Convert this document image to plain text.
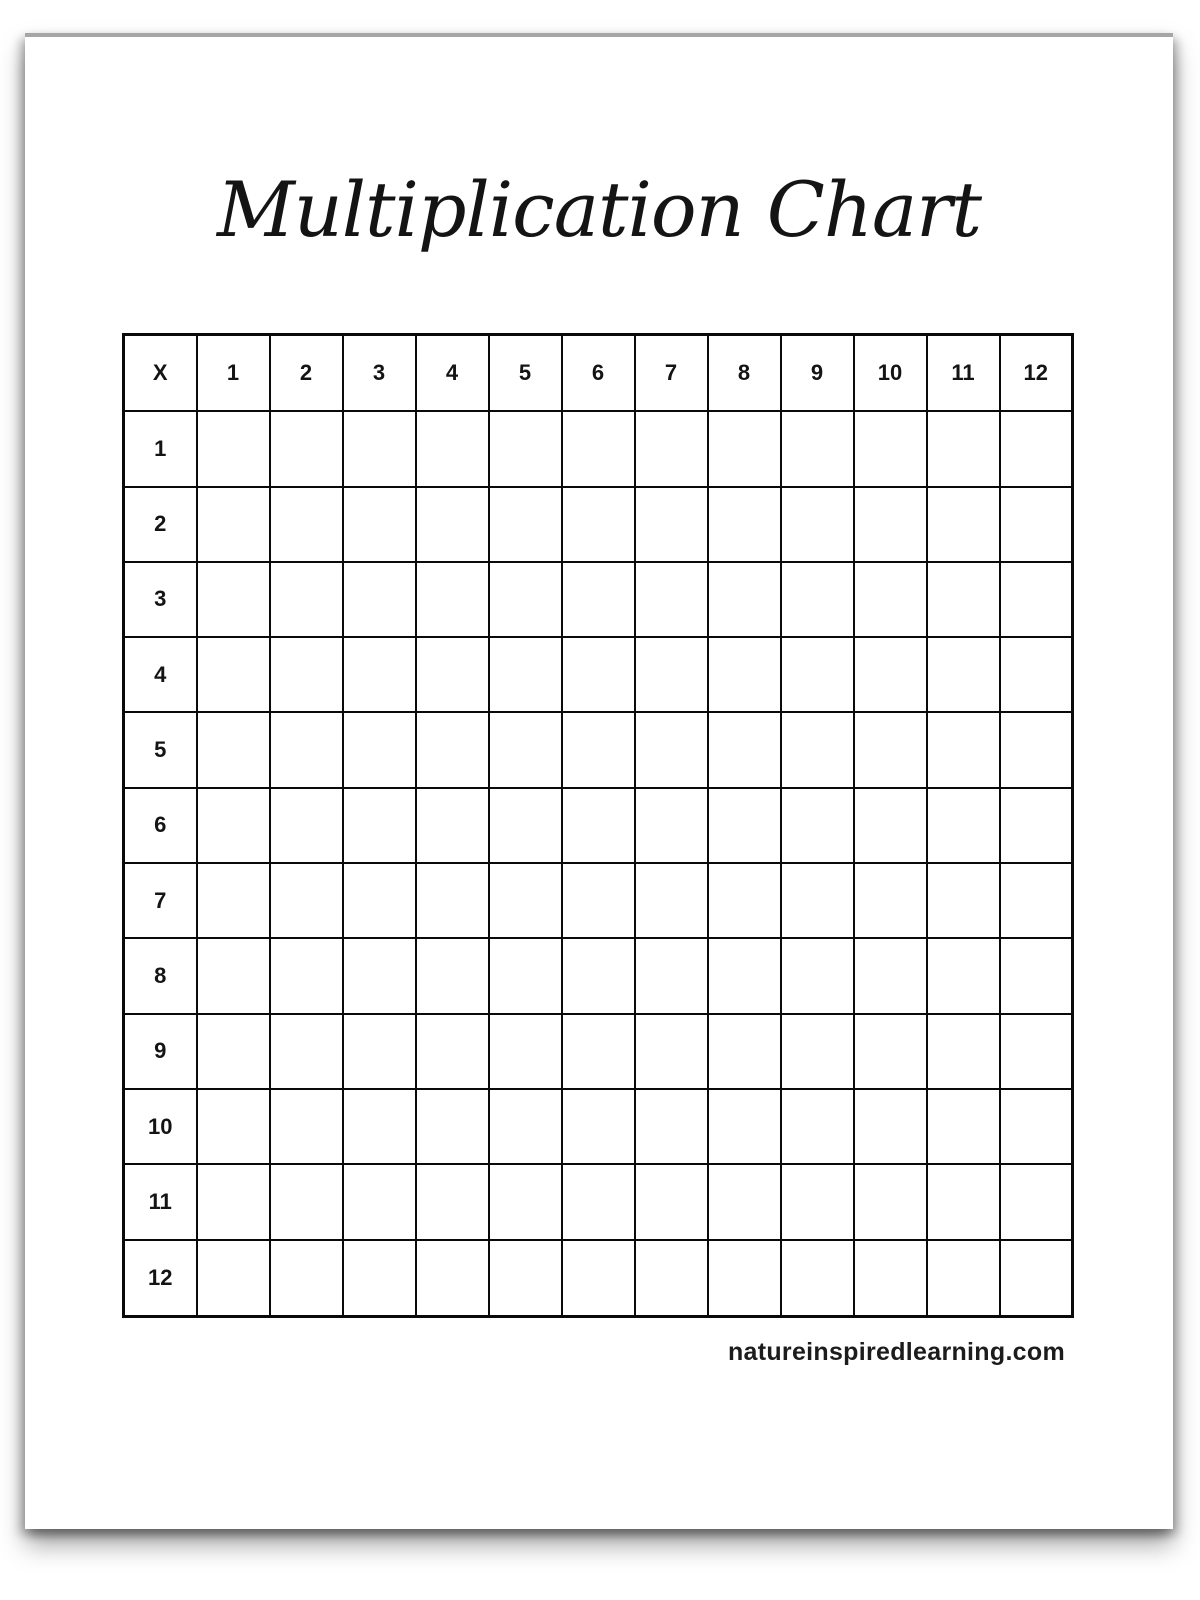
Multiplication Chart
X	1	2	3	4	5	6	7	8	9	10	11	12
1												
2												
3												
4												
5												
6												
7												
8												
9												
10												
11												
12												
natureinspiredlearning.com
